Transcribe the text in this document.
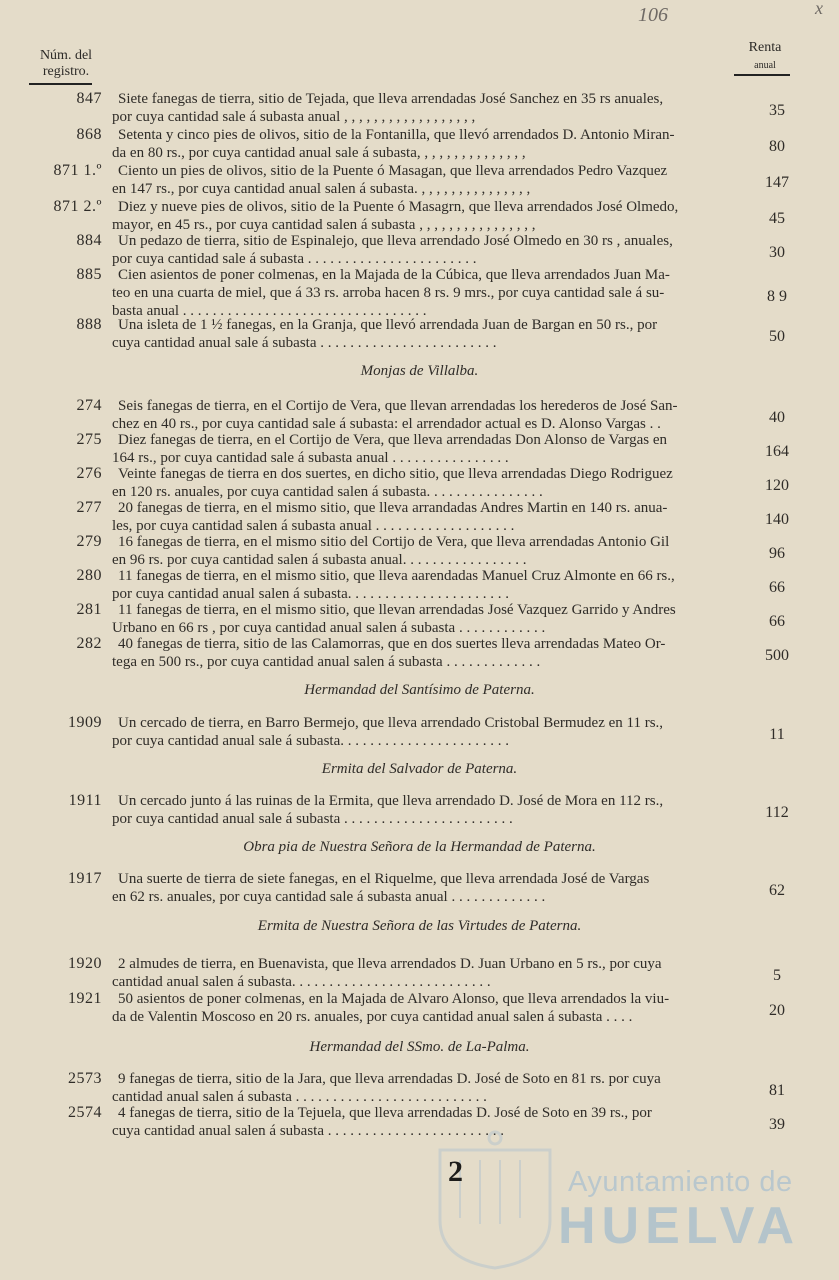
106	x
Núm. del
registro.
Renta
anual
847	Siete fanegas de tierra, sitio de Tejada, que lleva arrendadas José Sanchez en 35 rs anuales,
por cuya cantidad sale á subasta anual , , , , , , , , , , , , , , , , , ,	35
868	Setenta y cinco pies de olivos, sitio de la Fontanilla, que llevó arrendados D. Antonio Miran-
da en 80 rs., por cuya cantidad anual sale á subasta, , , , , , , , , , , , , , ,	80
871 1.º	Ciento un pies de olivos, sitio de la Puente ó Masagan, que lleva arrendados Pedro Vazquez
en 147 rs., por cuya cantidad anual salen á subasta. , , , , , , , , , , , , , , ,	147
871 2.º	Diez y nueve pies de olivos, sitio de la Puente ó Masagrn, que lleva arrendados José Olmedo,
mayor, en 45 rs., por cuya cantidad salen á subasta , , , , , , , , , , , , , , , ,	45
884	Un pedazo de tierra, sitio de Espinalejo, que lleva arrendado José Olmedo en 30 rs , anuales,
por cuya cantidad sale á subasta . . . . . . . . . . . . . . . . . . . . . . .	30
885	Cien asientos de poner colmenas, en la Majada de la Cúbica, que lleva arrendados Juan Ma-
teo en una cuarta de miel, que á 33 rs. arroba hacen 8 rs. 9 mrs., por cuya cantidad sale á su-
basta anual . . . . . . . . . . . . . . . . . . . . . . . . . . . . . . . . .
8 9
888	Una isleta de 1 ½ fanegas, en la Granja, que llevó arrendada Juan de Bargan en 50 rs., por
cuya cantidad anual sale á subasta . . . . . . . . . . . . . . . . . . . . . . . .	50
Monjas de Villalba.
274	Seis fanegas de tierra, en el Cortijo de Vera, que llevan arrendadas los herederos de José San-
chez en 40 rs., por cuya cantidad sale á subasta: el arrendador actual es D. Alonso Vargas . .	40
275	Diez fanegas de tierra, en el Cortijo de Vera, que lleva arrendadas Don Alonso de Vargas en
164 rs., por cuya cantidad sale á subasta anual . . . . . . . . . . . . . . . .	164
276	Veinte fanegas de tierra en dos suertes, en dicho sitio, que lleva arrendadas Diego Rodriguez
en 120 rs. anuales, por cuya cantidad salen á subasta. . . . . . . . . . . . . . . .	120
277	20 fanegas de tierra, en el mismo sitio, que lleva arrandadas Andres Martin en 140 rs. anua-
les, por cuya cantidad salen á subasta anual . . . . . . . . . . . . . . . . . . .	140
279	16 fanegas de tierra, en el mismo sitio del Cortijo de Vera, que lleva arrendadas Antonio Gil
en 96 rs. por cuya cantidad salen á subasta anual. . . . . . . . . . . . . . . . .	96
280	11 fanegas de tierra, en el mismo sitio, que lleva aarendadas Manuel Cruz Almonte en 66 rs.,
por cuya cantidad anual salen á subasta. . . . . . . . . . . . . . . . . . . . . .	66
281	11 fanegas de tierra, en el mismo sitio, que llevan arrendadas José Vazquez Garrido y Andres
Urbano en 66 rs , por cuya cantidad anual salen á subasta . . . . . . . . . . . .	66
282	40 fanegas de tierra, sitio de las Calamorras, que en dos suertes lleva arrendadas Mateo Or-
tega en 500 rs., por cuya cantidad anual salen á subasta . . . . . . . . . . . . .	500
Hermandad del Santísimo de Paterna.
1909	Un cercado de tierra, en Barro Bermejo, que lleva arrendado Cristobal Bermudez en 11 rs.,
por cuya cantidad anual sale á subasta. . . . . . . . . . . . . . . . . . . . . . .	11
Ermita del Salvador de Paterna.
1911	Un cercado junto á las ruinas de la Ermita, que lleva arrendado D. José de Mora en 112 rs.,
por cuya cantidad anual sale á subasta . . . . . . . . . . . . . . . . . . . . . . .	112
Obra pia de Nuestra Señora de la Hermandad de Paterna.
1917	Una suerte de tierra de siete fanegas, en el Riquelme, que lleva arrendada José de Vargas
en 62 rs. anuales, por cuya cantidad sale á subasta anual . . . . . . . . . . . . .	62
Ermita de Nuestra Señora de las Virtudes de Paterna.
1920	2 almudes de tierra, en Buenavista, que lleva arrendados D. Juan Urbano en 5 rs., por cuya
cantidad anual salen á subasta. . . . . . . . . . . . . . . . . . . . . . . . . . .	5
1921	50 asientos de poner colmenas, en la Majada de Alvaro Alonso, que lleva arrendados la viu-
da de Valentin Moscoso en 20 rs. anuales, por cuya cantidad anual salen á subasta . . . .	20
Hermandad del SSmo. de La-Palma.
2573	9 fanegas de tierra, sitio de la Jara, que lleva arrendadas D. José de Soto en 81 rs. por cuya
cantidad anual salen á subasta . . . . . . . . . . . . . . . . . . . . . . . . . .	81
2574	4 fanegas de tierra, sitio de la Tejuela, que lleva arrendadas D. José de Soto en 39 rs., por
cuya cantidad anual salen á subasta . . . . . . . . . . . . . . . . . . . . . . . .	39
2	Ayuntamiento de
HUELVA
